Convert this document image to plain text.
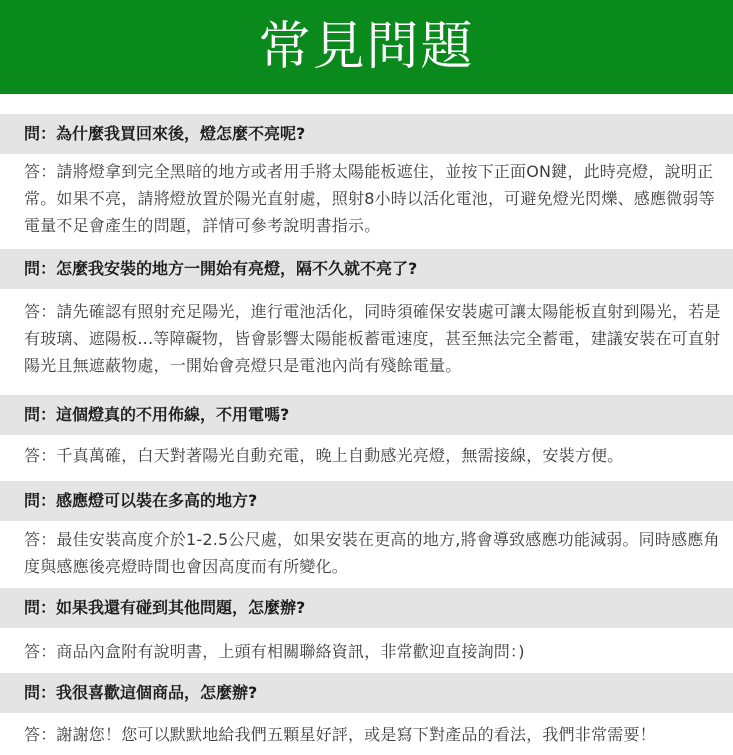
常見問題
問：為什麼我買回來後，燈怎麼不亮呢?
答：請將燈拿到完全黑暗的地方或者用手將太陽能板遮住，並按下正面ON鍵，此時亮燈，說明正常。如果不亮，請將燈放置於陽光直射處，照射8小時以活化電池，可避免燈光閃爍、感應微弱等電量不足會產生的問題，詳情可參考說明書指示。
問：怎麼我安裝的地方一開始有亮燈，隔不久就不亮了?
答：請先確認有照射充足陽光，進行電池活化，同時須確保安裝處可讓太陽能板直射到陽光，若是有玻璃、遮陽板...等障礙物，皆會影響太陽能板蓄電速度，甚至無法完全蓄電，建議安裝在可直射陽光且無遮蔽物處，一開始會亮燈只是電池內尚有殘餘電量。
問：這個燈真的不用佈線，不用電嗎?
答：千真萬確，白天對著陽光自動充電，晚上自動感光亮燈，無需接線，安裝方便。
問：感應燈可以裝在多高的地方?
答：最佳安裝高度介於1-2.5公尺處，如果安裝在更高的地方,將會導致感應功能減弱。同時感應角度與感應後亮燈時間也會因高度而有所變化。
問：如果我還有碰到其他問題，怎麼辦?
答：商品內盒附有說明書，上頭有相關聯絡資訊，非常歡迎直接詢問：)
問：我很喜歡這個商品，怎麼辦?
答：謝謝您！您可以默默地給我們五顆星好評，或是寫下對產品的看法，我們非常需要！
